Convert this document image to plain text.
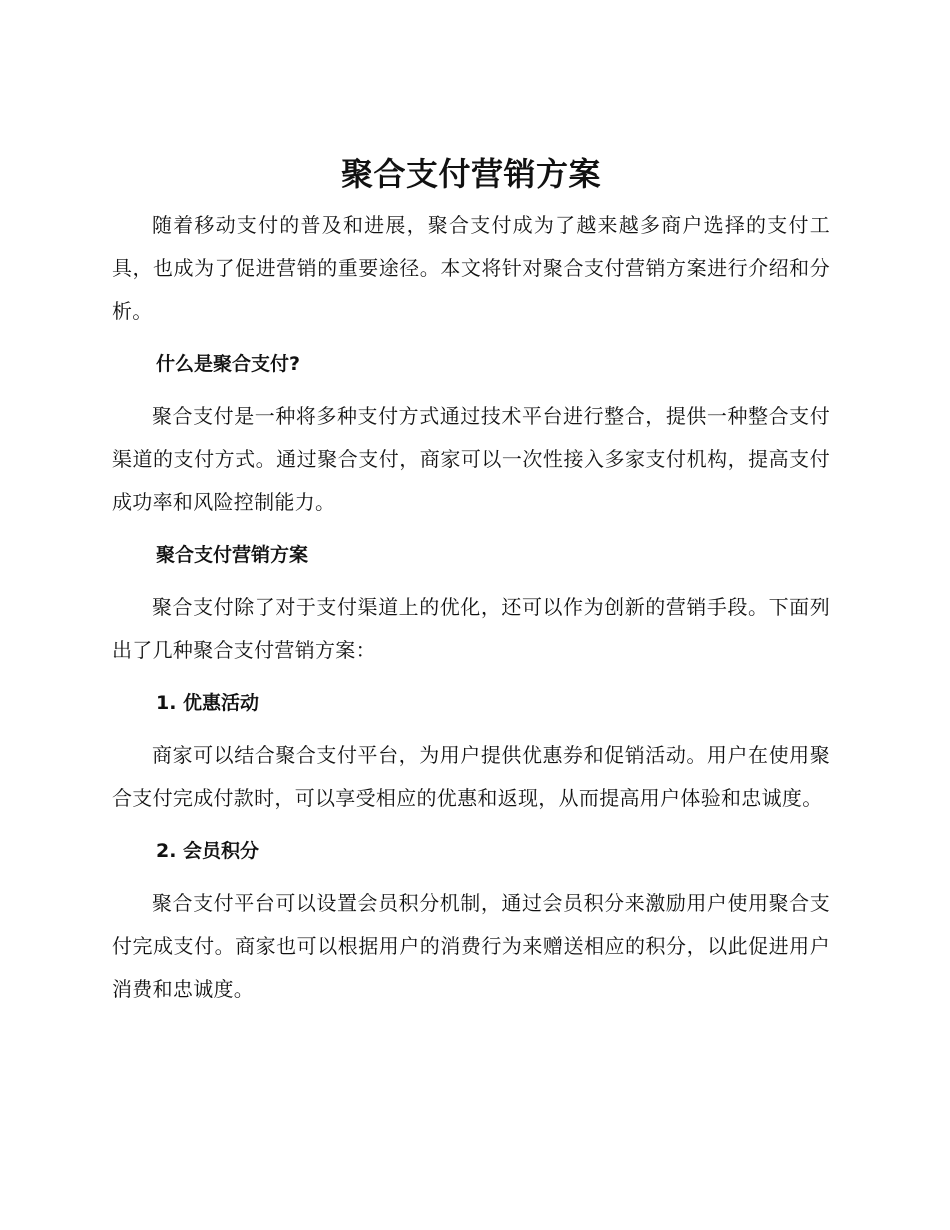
聚合支付营销方案

随着移动支付的普及和进展，聚合支付成为了越来越多商户选择的支付工具，也成为了促进营销的重要途径。本文将针对聚合支付营销方案进行介绍和分析。

什么是聚合支付?

聚合支付是一种将多种支付方式通过技术平台进行整合，提供一种整合支付渠道的支付方式。通过聚合支付，商家可以一次性接入多家支付机构，提高支付成功率和风险控制能力。

聚合支付营销方案

聚合支付除了对于支付渠道上的优化，还可以作为创新的营销手段。下面列出了几种聚合支付营销方案：

1. 优惠活动

商家可以结合聚合支付平台，为用户提供优惠券和促销活动。用户在使用聚合支付完成付款时，可以享受相应的优惠和返现，从而提高用户体验和忠诚度。

2. 会员积分

聚合支付平台可以设置会员积分机制，通过会员积分来激励用户使用聚合支付完成支付。商家也可以根据用户的消费行为来赠送相应的积分，以此促进用户消费和忠诚度。
